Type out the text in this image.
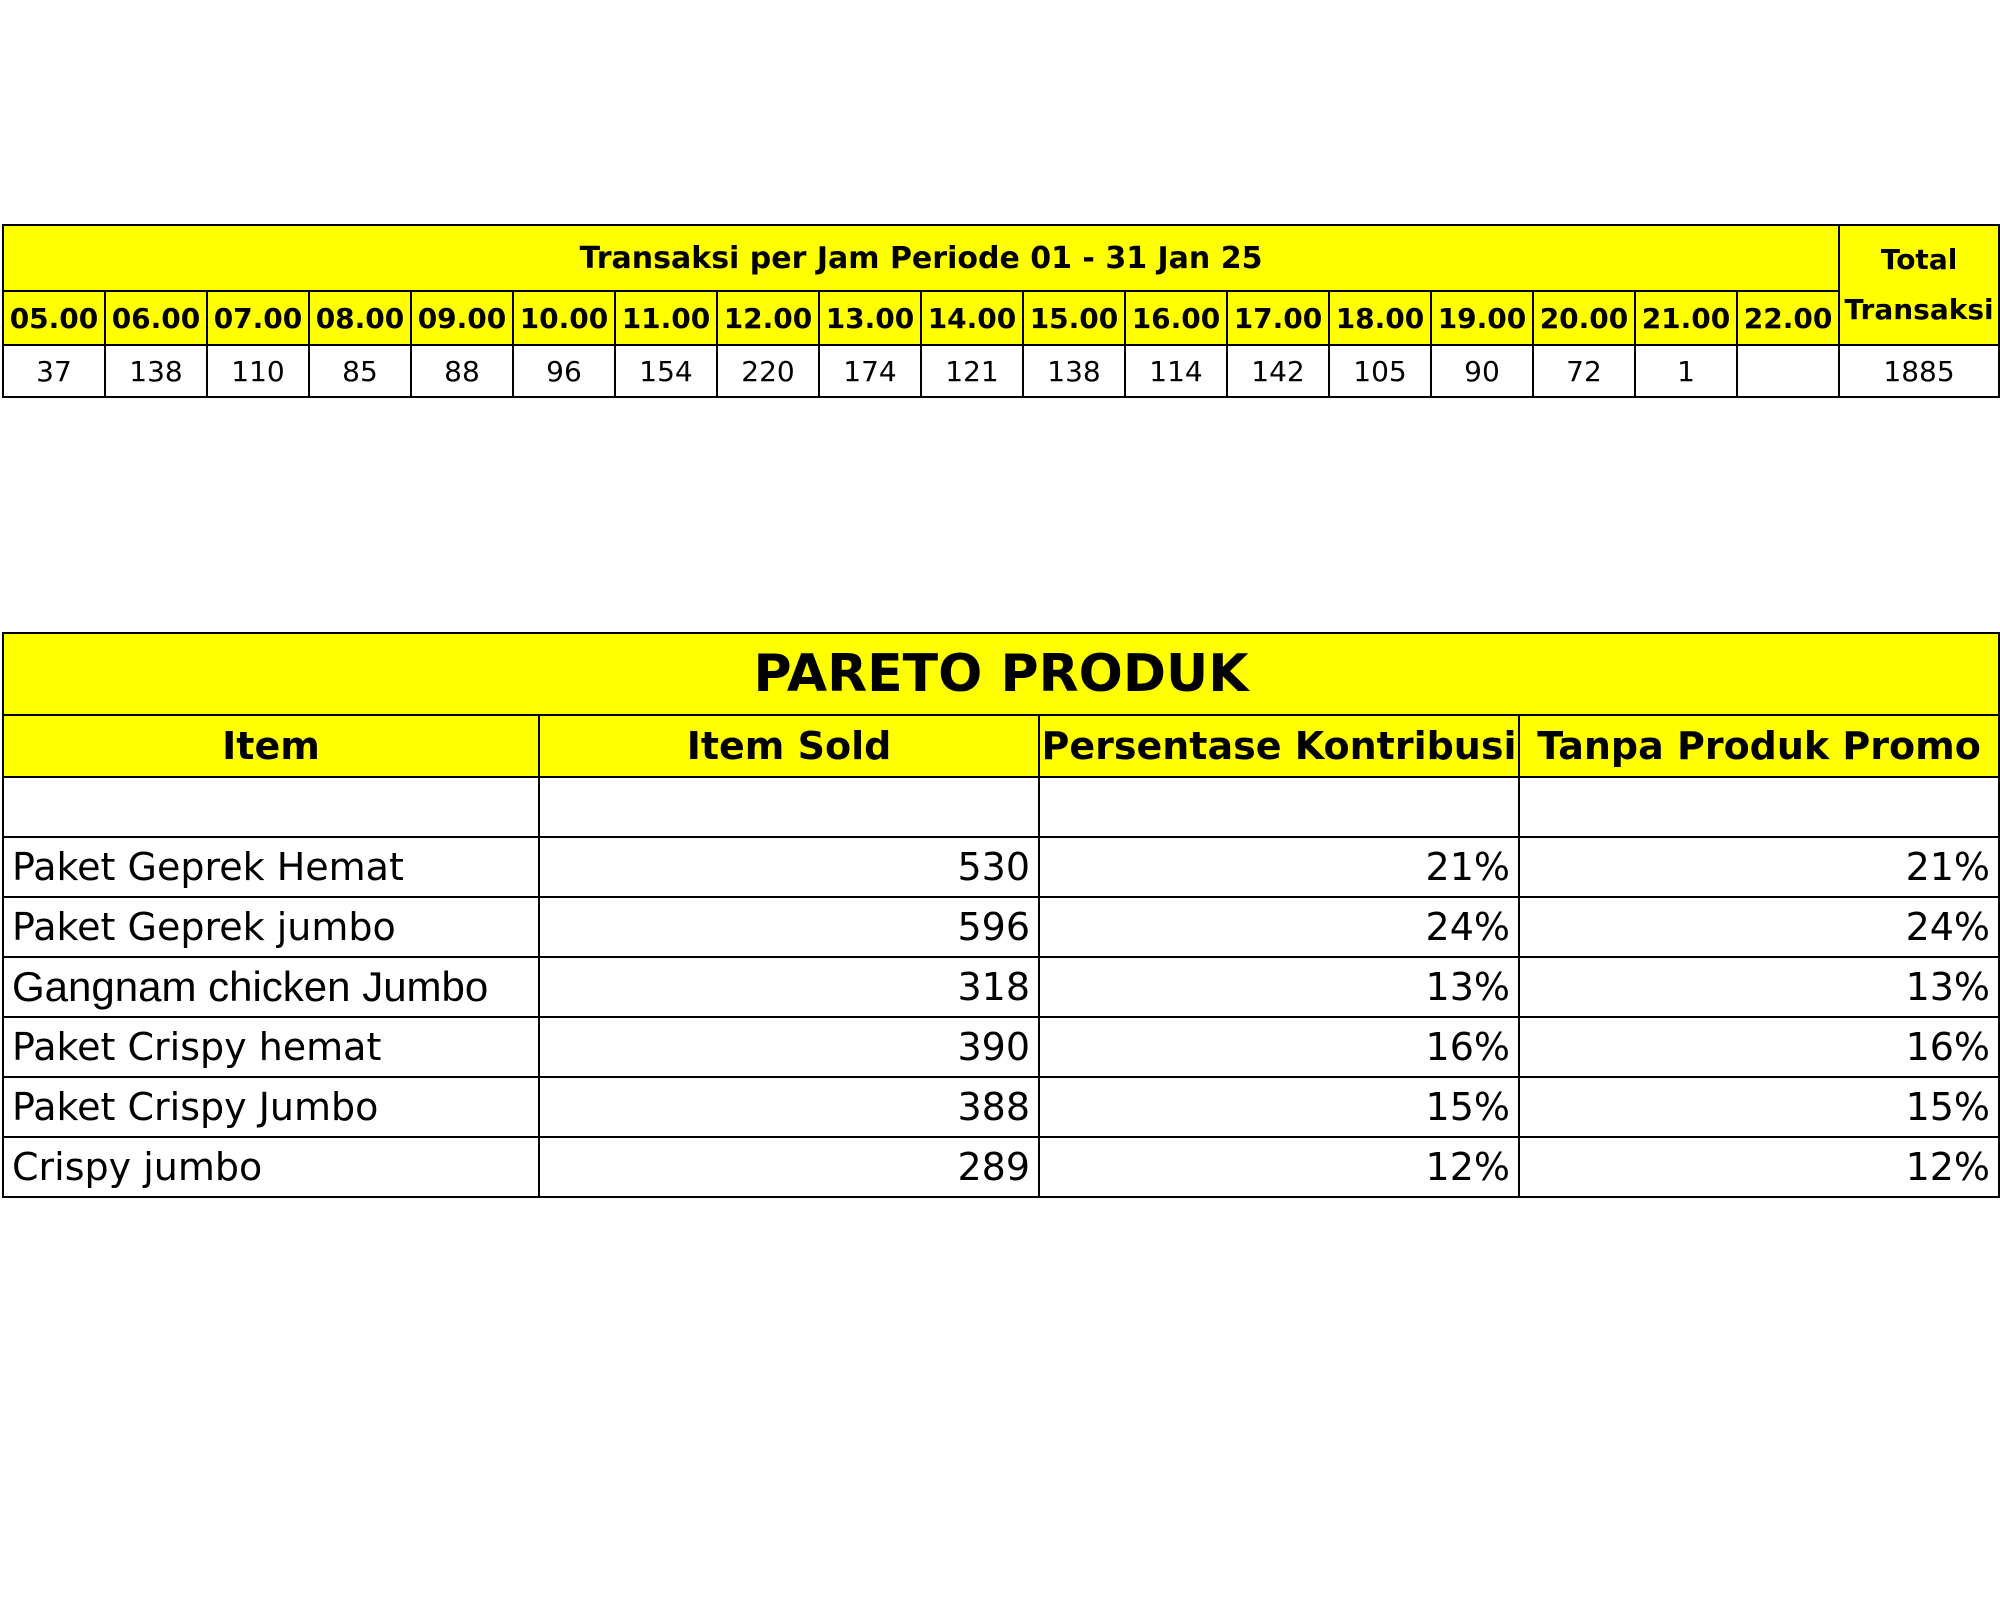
Transaksi per Jam Periode 01 - 31 Jan 25																		Total
Transaksi
05.00	06.00	07.00	08.00	09.00	10.00	11.00	12.00	13.00	14.00	15.00	16.00	17.00	18.00	19.00	20.00	21.00	22.00	
37	138	110	85	88	96	154	220	174	121	138	114	142	105	90	72	1		1885
PARETO PRODUK			
Item	Item Sold	Persentase Kontribusi	Tanpa Produk Promo

Paket Geprek Hemat	530	21%	21%
Paket Geprek jumbo	596	24%	24%
Gangnam chicken Jumbo	318	13%	13%
Paket Crispy hemat	390	16%	16%
Paket Crispy Jumbo	388	15%	15%
Crispy jumbo	289	12%	12%
